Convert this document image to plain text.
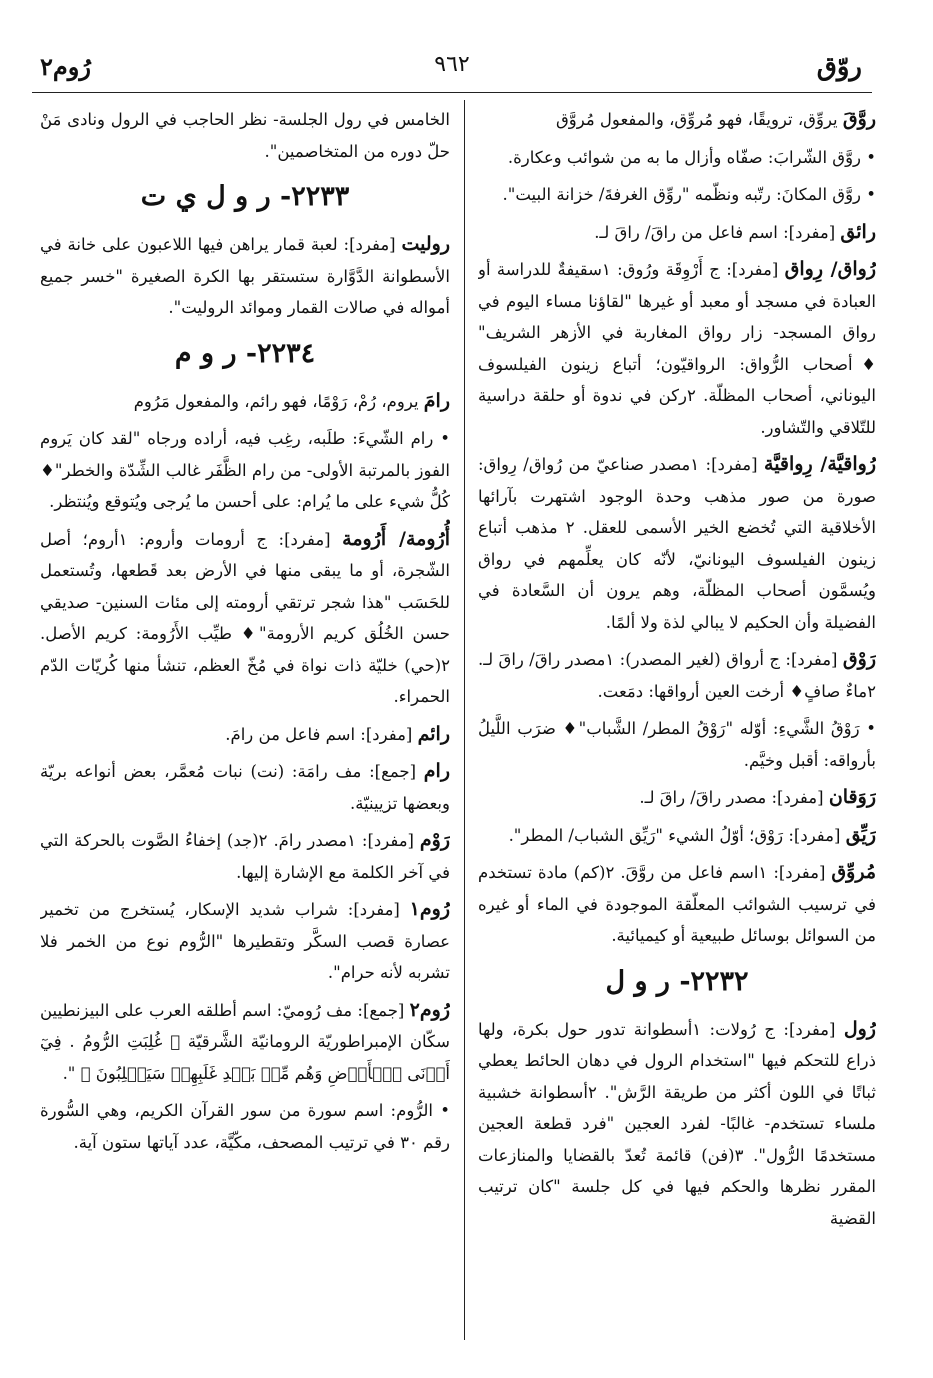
روّق
٩٦٢
رُوم٢
روَّقَ يروِّق، ترويقًا، فهو مُروِّق، والمفعول مُروَّق
• روَّق الشّرابَ: صفّاه وأزال ما به من شوائب وعكارة.
• روَّق المكانَ: رتّبه ونظّمه "روِّق الغرفةَ/ خزانة البيت".
رائق [مفرد]: اسم فاعل من راقَ/ راقَ لـ.
رُواق/ رِواق [مفرد]: ج أَرْوِقَة ورُوق: ١سقيفةٌ للدراسة أو العبادة في مسجد أو معبد أو غيرها "لقاؤنا مساء اليوم في رواق المسجد- زار رواق المغاربة في الأزهر الشريف" ♦أصحاب الرُّواق: الرواقيّون؛ أتباع زينون الفيلسوف اليوناني، أصحاب المظلّة. ٢ركن في ندوة أو حلقة دراسية للتّلاقي والتّشاور.
رُواقيَّة/ رِواقيَّة [مفرد]: ١مصدر صناعيّ من رُواق/ رِواق: صورة من صور مذهب وحدة الوجود اشتهرت بآرائها الأخلاقية التي تُخضع الخير الأسمى للعقل. ٢ مذهب أتباع زينون الفيلسوف اليونانيّ، لأنّه كان يعلِّمهم في رواق ويُسمَّون أصحاب المظلّة، وهم يرون أن السَّعادة في الفضيلة وأن الحكيم لا يبالي لذة ولا ألمًا.
رَوْق [مفرد]: ج أرواق (لغير المصدر): ١مصدر راقَ/ راقَ لـ. ٢ماءٌ صافٍ♦ أرخت العين أرواقها: دمَعت.
• رَوْقُ الشَّيءِ: أوّله "رَوْقُ المطر/ الشَّباب"♦ ضرَب اللَّيلُ بأرواقه: أقبل وخيَّم.
رَوَقان [مفرد]: مصدر راقَ/ راقَ لـ.
رَيِّق [مفرد]: رَوْق؛ أوّلُ الشيء "رَيِّق الشباب/ المطر".
مُروِّق [مفرد]: ١اسم فاعل من روَّقَ. ٢(كم) مادة تستخدم في ترسيب الشوائب المعلّقة الموجودة في الماء أو غيره من السوائل بوسائل طبيعية أو كيميائية.
٢٢٣٢- ر و ل
رُول [مفرد]: ج رُولات: ١أسطوانة تدور حول بكرة، ولها ذراع للتحكم فيها "استخدام الرول في دهان الحائط يعطي ثباتًا في اللون أكثر من طريقة الرَّش". ٢أسطوانة خشبية ملساء تستخدم- غالبًا- لفرد العجين "فرد قطعة العجين مستخدمًا الرُّول". ٣(فن) قائمة تُعدّ بالقضايا والمنازعات المقرر نظرها والحكم فيها في كل جلسة "كان ترتيب القضية
الخامس في رول الجلسة- نظر الحاجب في الرول ونادى مَنْ حلّ دوره من المتخاصمين".
٢٢٣٣- ر و ل ي ت
روليت [مفرد]: لعبة قمار يراهن فيها اللاعبون على خانة في الأسطوانة الدَّوَّارة ستستقر بها الكرة الصغيرة "خسر جميع أمواله في صالات القمار وموائد الروليت".
٢٢٣٤- ر و م
رامَ يروم، رُمْ، رَوْمًا، فهو رائم، والمفعول مَرُوم
• رام الشّيءَ: طلَبه، رغِب فيه، أراده ورجاه "لقد كان يَروم الفوز بالمرتبة الأولى- من رام الظَّفَر غالب الشِّدّة والخطر"♦ كُلُّ شيء على ما يُرام: على أحسن ما يُرجى ويُتوقع ويُنتظر.
أُرُومة/ أَرُومة [مفرد]: ج أرومات وأروم: ١أروم؛ أصل الشّجرة، أو ما يبقى منها في الأرض بعد قَطعها، وتُستعمل للحَسَب "هذا شجر ترتقي أرومته إلى مئات السنين- صديقي حسن الخُلُق كريم الأرومة"♦ طيِّب الأَرُومة: كريم الأصل. ٢(حي) خليّة ذات نواة في مُخّ العظم، تنشأ منها كُريّات الدّم الحمراء.
رائم [مفرد]: اسم فاعل من رامَ.
رام [جمع]: مف رامَة: (نت) نبات مُعمَّر، بعض أنواعه بريّة وبعضها تزيينيّة.
رَوْم [مفرد]: ١مصدر رامَ. ٢(جد) إخفاءُ الصَّوت بالحركة التي في آخر الكلمة مع الإشارة إليها.
رُوم١ [مفرد]: شراب شديد الإسكار، يُستخرج من تخمير عصارة قصب السكَّر وتقطيرها "الرُّوم نوع من الخمر فلا تشربه لأنه حرام".
رُوم٢ [جمع]: مف رُوميّ: اسم أطلقه العرب على البيزنطيين سكّان الإمبراطوريّة الرومانيّة الشَّرقيّة ﴿ غُلِبَتِ الرُّومُ . فِيٓ أَدۡنَى ٱلۡأَرۡضِ وَهُم مِّنۢ بَعۡدِ غَلَبِهِمۡ سَيَغۡلِبُونَ ﴾ ".
• الرُّوم: اسم سورة من سور القرآن الكريم، وهي السُّورة رقم ٣٠ في ترتيب المصحف، مكّيَّة، عدد آياتها ستون آية.
